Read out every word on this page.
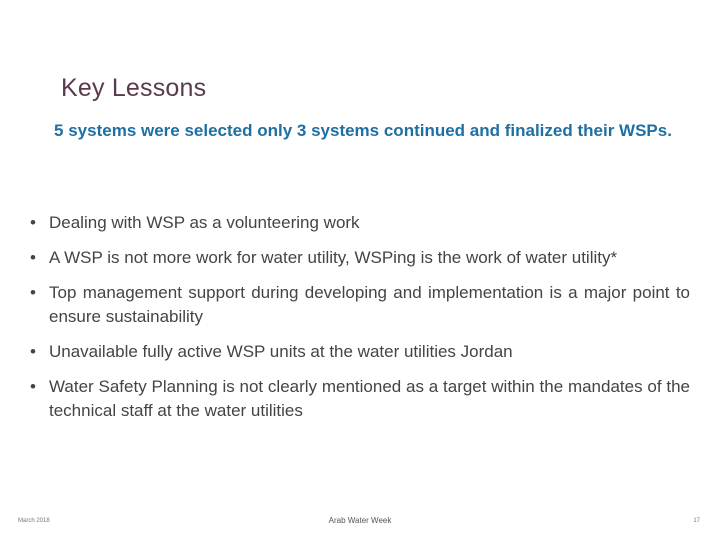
Key Lessons
5 systems were selected only 3 systems continued and finalized their WSPs.
• Dealing with WSP as a volunteering work
• A WSP is not more work for water utility, WSPing is the work of water utility*
• Top management support during developing and implementation is a major point to ensure sustainability
• Unavailable fully active WSP units at the water utilities Jordan
• Water Safety Planning is not clearly mentioned as a target within the mandates of the technical staff at the water utilities
March 2018	Arab Water Week	17
